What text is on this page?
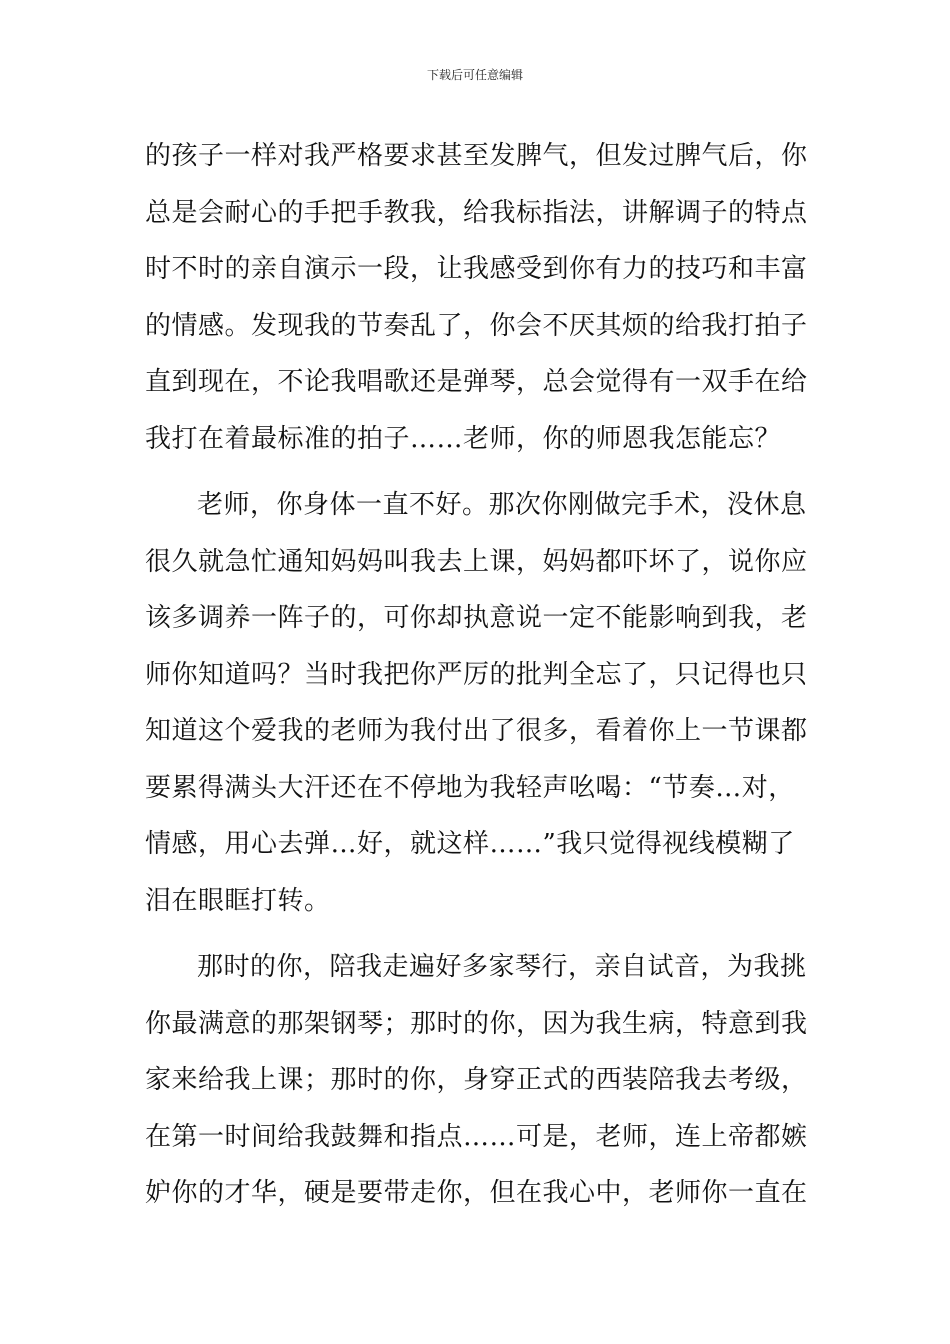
下载后可任意编辑
的孩子一样对我严格要求甚至发脾气，但发过脾气后，你
总是会耐心的手把手教我，给我标指法，讲解调子的特点
时不时的亲自演示一段，让我感受到你有力的技巧和丰富
的情感。发现我的节奏乱了，你会不厌其烦的给我打拍子
直到现在，不论我唱歌还是弹琴，总会觉得有一双手在给
我打在着最标准的拍子……老师，你的师恩我怎能忘？
老师，你身体一直不好。那次你刚做完手术，没休息
很久就急忙通知妈妈叫我去上课，妈妈都吓坏了，说你应
该多调养一阵子的，可你却执意说一定不能影响到我，老
师你知道吗？当时我把你严厉的批判全忘了，只记得也只
知道这个爱我的老师为我付出了很多，看着你上一节课都
要累得满头大汗还在不停地为我轻声吆喝：“节奏…对，
情感，用心去弹…好，就这样……”我只觉得视线模糊了
泪在眼眶打转。
那时的你，陪我走遍好多家琴行，亲自试音，为我挑
你最满意的那架钢琴；那时的你，因为我生病，特意到我
家来给我上课；那时的你，身穿正式的西装陪我去考级，
在第一时间给我鼓舞和指点……可是，老师，连上帝都嫉
妒你的才华，硬是要带走你，但在我心中，老师你一直在
